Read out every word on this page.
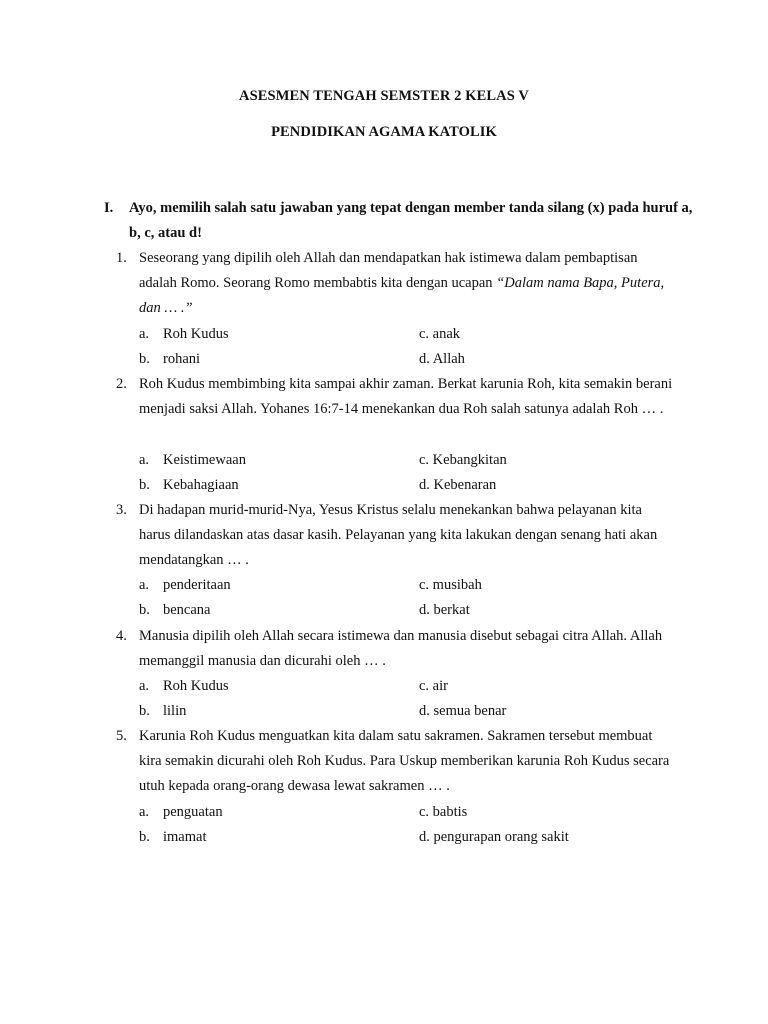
ASESMEN TENGAH SEMSTER 2 KELAS V
PENDIDIKAN AGAMA KATOLIK
I. Ayo, memilih salah satu jawaban yang tepat dengan member tanda silang (x) pada huruf a, b, c, atau d!
1. Seseorang yang dipilih oleh Allah dan mendapatkan hak istimewa dalam pembaptisan adalah Romo. Seorang Romo membabtis kita dengan ucapan “Dalam nama Bapa, Putera, dan … .”
a. Roh Kudus	c. anak
b. rohani	d. Allah
2. Roh Kudus membimbing kita sampai akhir zaman. Berkat karunia Roh, kita semakin berani menjadi saksi Allah. Yohanes 16:7-14 menekankan dua Roh salah satunya adalah Roh … .
a. Keistimewaan	c. Kebangkitan
b. Kebahagiaan	d. Kebenaran
3. Di hadapan murid-murid-Nya, Yesus Kristus selalu menekankan bahwa pelayanan kita harus dilandaskan atas dasar kasih. Pelayanan yang kita lakukan dengan senang hati akan mendatangkan … .
a. penderitaan	c. musibah
b. bencana	d. berkat
4. Manusia dipilih oleh Allah secara istimewa dan manusia disebut sebagai citra Allah. Allah memanggil manusia dan dicurahi oleh … .
a. Roh Kudus	c. air
b. lilin	d. semua benar
5. Karunia Roh Kudus menguatkan kita dalam satu sakramen. Sakramen tersebut membuat kira semakin dicurahi oleh Roh Kudus. Para Uskup memberikan karunia Roh Kudus secara utuh kepada orang-orang dewasa lewat sakramen … .
a. penguatan	c. babtis
b. imamat	d. pengurapan orang sakit
